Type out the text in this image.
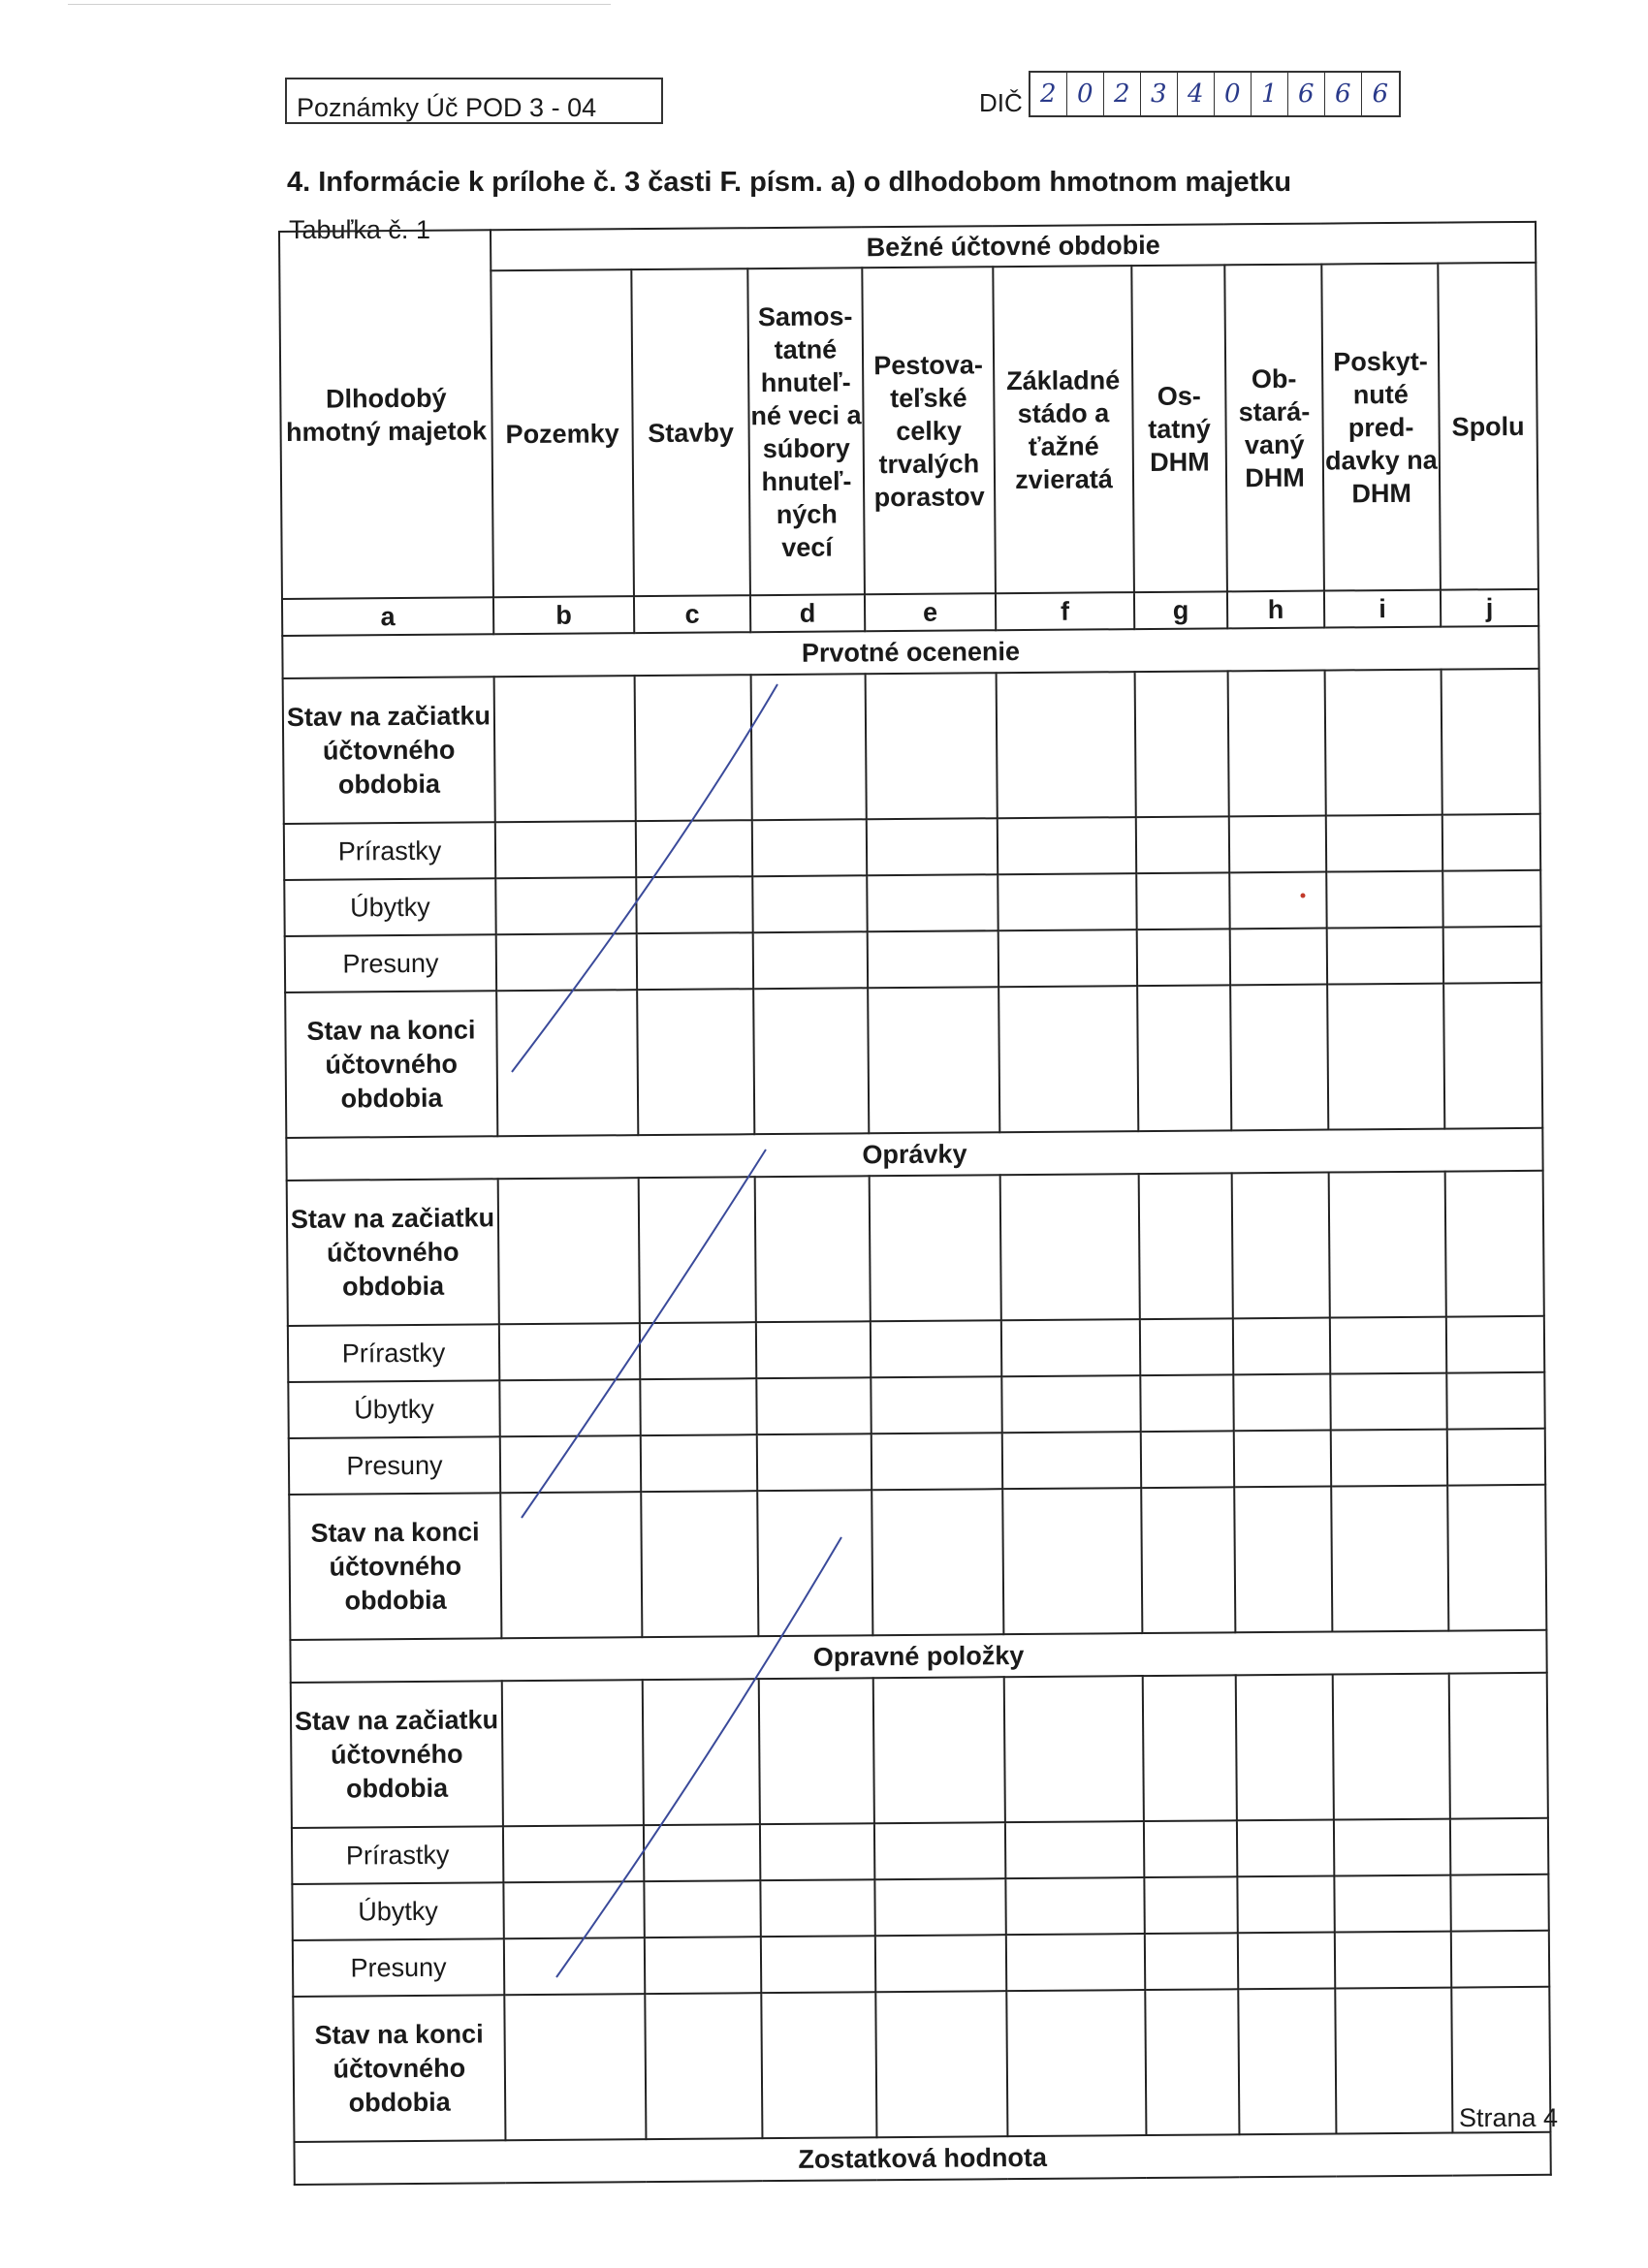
Poznámky Úč POD 3 - 04	DIČ 2 0 2 3 4 0 1 6 6 6
4. Informácie k prílohe č. 3 časti F. písm. a) o dlhodobom hmotnom majetku
Tabuľka č. 1
Dlhodobý hmotný majetok	Bežné účtovné obdobie								
	Pozemky	Stavby	Samos- tatné hnuteľ- né veci a súbory hnuteľ- ných vecí	Pestova- teľské celky trvalých porastov	Základné stádo a ťažné zvieratá	Os- tatný DHM	Ob- stará- vaný DHM	Poskyt- nuté pred- davky na DHM	Spolu
a	b	c	d	e	f	g	h	i	j
Prvotné ocenenie									
Stav na začiatku účtovného obdobia									
Prírastky									
Úbytky									
Presuny									
Stav na konci účtovného obdobia									
Oprávky									
Stav na začiatku účtovného obdobia									
Prírastky									
Úbytky									
Presuny									
Stav na konci účtovného obdobia									
Opravné položky									
Stav na začiatku účtovného obdobia									
Prírastky									
Úbytky									
Presuny									
Stav na konci účtovného obdobia									
Zostatková hodnota									
Strana 4
